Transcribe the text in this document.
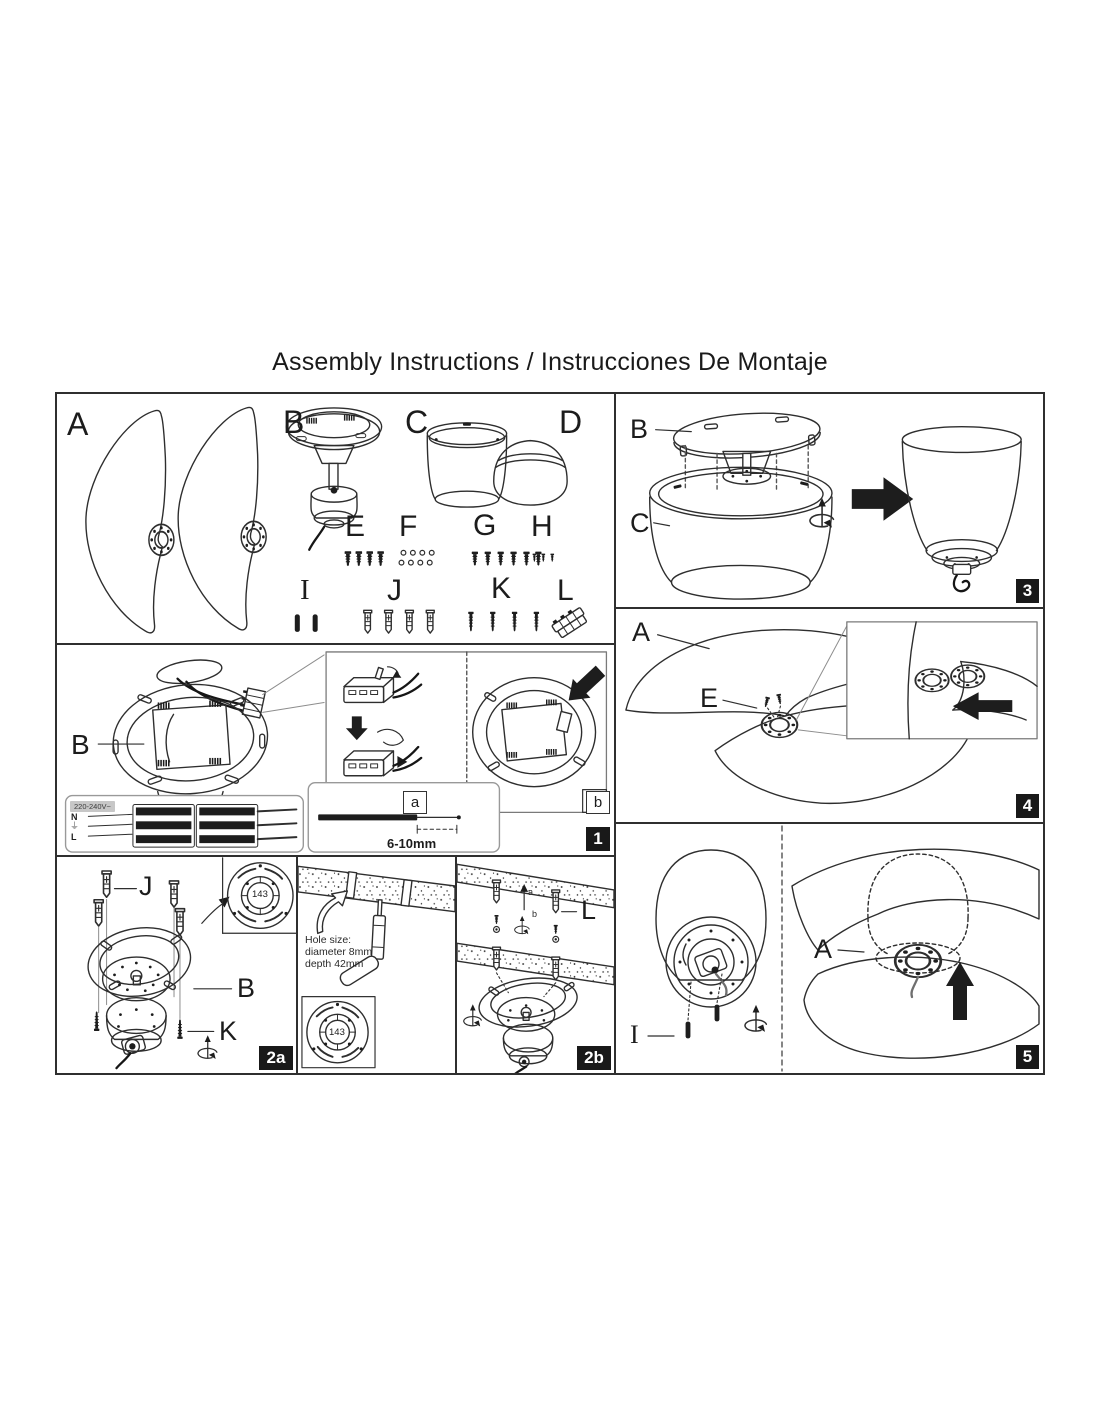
Assembly Instructions / Instrucciones De Montaje
A	B	C	D
E F G H
I	J	K L
B
a	b
220-240V~
N
⏚
L	6-10mm	1
J
B
K
143
2a
Hole size:
diameter 8mm
depth 42mm
143
L
a
b
2b
B
C
3
A
E
4
I
A
5
